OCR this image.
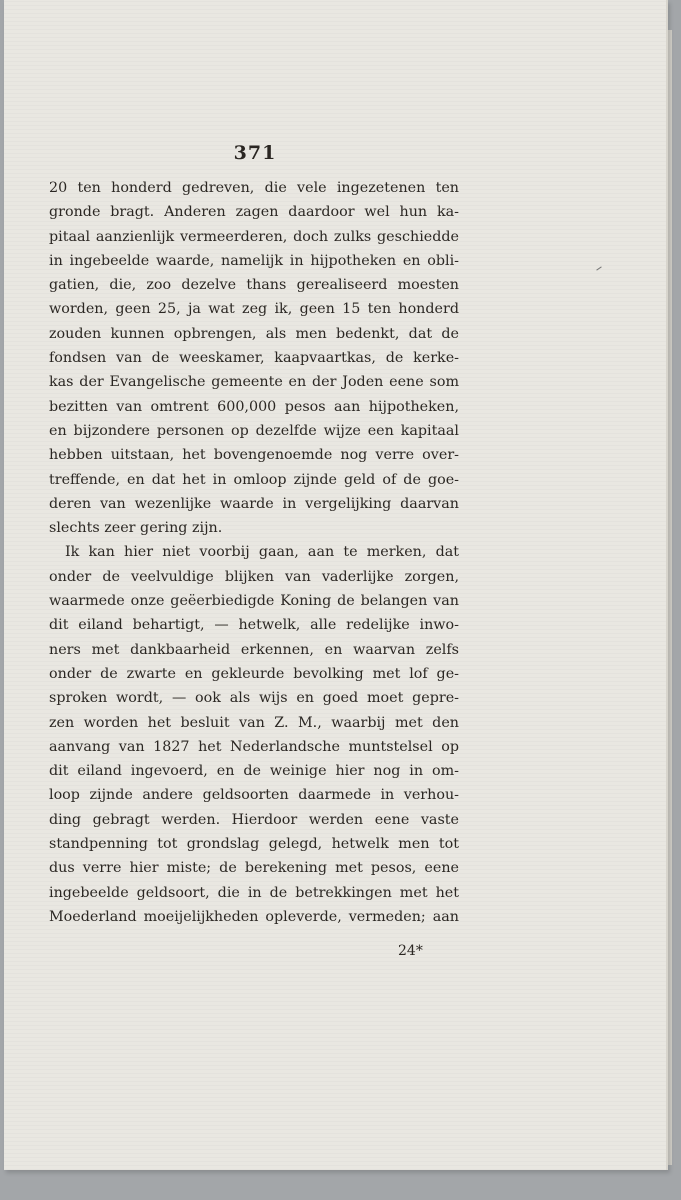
371
20 ten honderd gedreven, die vele ingezetenen ten
gronde bragt. Anderen zagen daardoor wel hun ka-
pitaal aanzienlijk vermeerderen, doch zulks geschiedde
in ingebeelde waarde, namelijk in hijpotheken en obli-
gatien, die, zoo dezelve thans gerealiseerd moesten
worden, geen 25, ja wat zeg ik, geen 15 ten honderd
zouden kunnen opbrengen, als men bedenkt, dat de
fondsen van de weeskamer, kaapvaartkas, de kerke-
kas der Evangelische gemeente en der Joden eene som
bezitten van omtrent 600,000 pesos aan hijpotheken,
en bijzondere personen op dezelfde wijze een kapitaal
hebben uitstaan, het bovengenoemde nog verre over-
treffende, en dat het in omloop zijnde geld of de goe-
deren van wezenlijke waarde in vergelijking daarvan
slechts zeer gering zijn.
Ik kan hier niet voorbij gaan, aan te merken, dat
onder de veelvuldige blijken van vaderlijke zorgen,
waarmede onze geëerbiedigde Koning de belangen van
dit eiland behartigt, — hetwelk, alle redelijke inwo-
ners met dankbaarheid erkennen, en waarvan zelfs
onder de zwarte en gekleurde bevolking met lof ge-
sproken wordt, — ook als wijs en goed moet gepre-
zen worden het besluit van Z. M., waarbij met den
aanvang van 1827 het Nederlandsche muntstelsel op
dit eiland ingevoerd, en de weinige hier nog in om-
loop zijnde andere geldsoorten daarmede in verhou-
ding gebragt werden. Hierdoor werden eene vaste
standpenning tot grondslag gelegd, hetwelk men tot
dus verre hier miste; de berekening met pesos, eene
ingebeelde geldsoort, die in de betrekkingen met het
Moederland moeijelijkheden opleverde, vermeden; aan
24*
